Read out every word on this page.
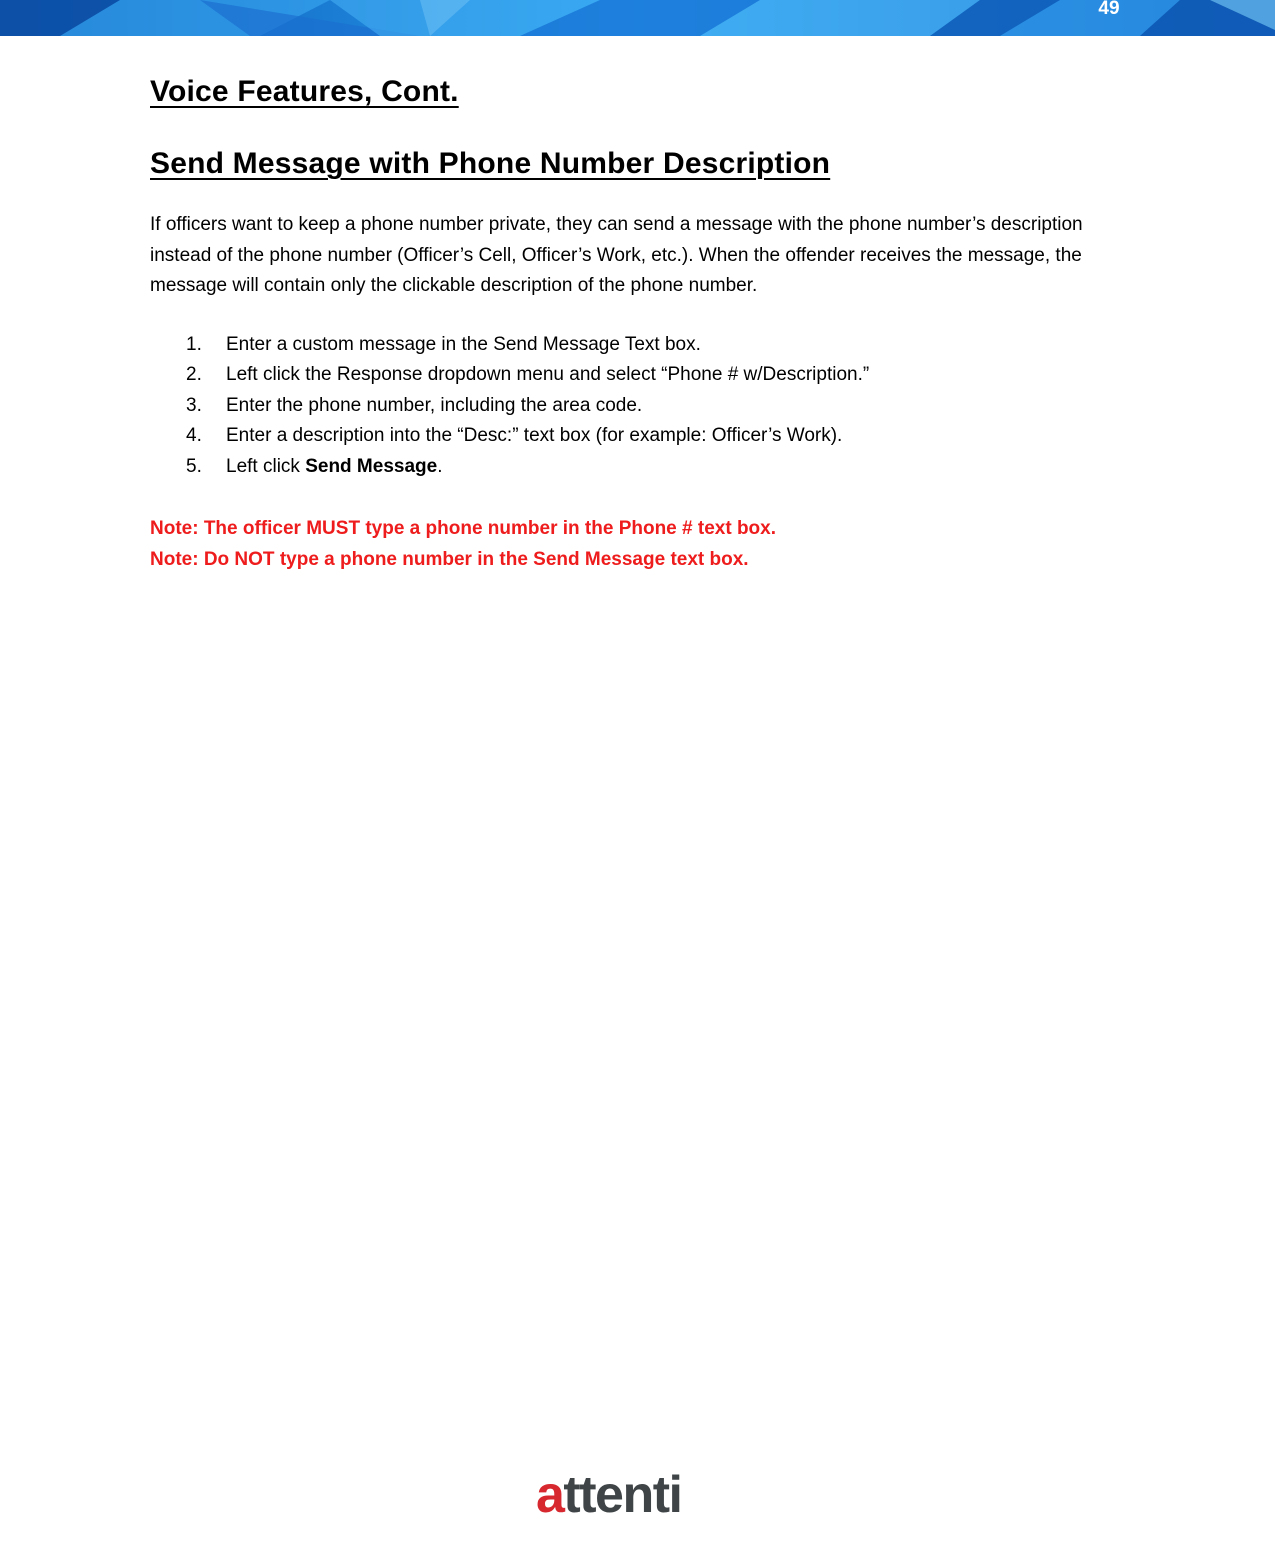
49
Voice Features, Cont.
Send Message with Phone Number Description

If officers want to keep a phone number private, they can send a message with the phone number’s description instead of the phone number (Officer’s Cell, Officer’s Work, etc.). When the offender receives the message, the message will contain only the clickable description of the phone number.

1.	Enter a custom message in the Send Message Text box.
2.	Left click the Response dropdown menu and select “Phone # w/Description.”
3.	Enter the phone number, including the area code.
4.	Enter a description into the “Desc:” text box (for example: Officer’s Work).
5.	Left click Send Message.

Note: The officer MUST type a phone number in the Phone # text box.

Note: Do NOT type a phone number in the Send Message text box.

attenti
